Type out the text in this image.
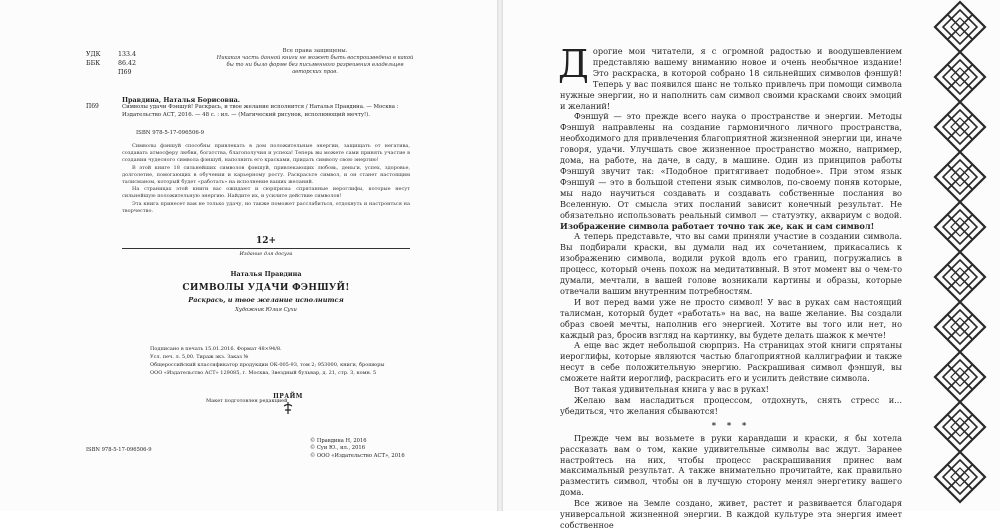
УДК	133.4
ББК	86.42
П69
Все права защищены.
Никакая часть данной книги не может быть воспроизведена в какой бы то ни было форме без письменного разрешения владельцев авторских прав.
П69
Правдина, Наталья Борисовна.
Символы удачи Фэншуй! Раскрась, и твое желание исполнится / Наталья Правдина. — Москва : Издательство АСТ, 2016. — 48 с. : ил. — (Магический рисунок, исполняющий мечту!).
ISBN 978-5-17-096506-9

Символы фэншуй способны привлекать в дом положительные энергии, защищать от негатива, создавать атмосферу любви, богатства, благополучия и успеха! Теперь вы можете сами принять участие в создании чудесного символа фэншуй, наполнить его красками, придать символу свою энергию!

В этой книге 18 сильнейших символов фэншуй, привлекающих любовь, деньги, успех, здоровье, долголетие, помогающих в обучении и карьерному росту. Раскрасьте символ, и он станет настоящим талисманом, который будет «работать» на исполнение ваших желаний.

На страницах этой книги вас ожидают и сюрпризы: спрятанные иероглифы, которые несут сильнейшую положительную энергию. Найдите их, и усилите действие символов!

Эта книга принесет вам не только удачу, но также поможет расслабиться, отдохнуть и настроиться на творчество.

12+
Издание для досуга
Наталья Правдина
СИМВОЛЫ УДАЧИ ФЭНШУЙ!
Раскрась, и твое желание исполнится
Художник Юлия Сухи
Подписано в печать 15.01.2016. Формат 48×94/8.
Усл. печ. л. 5,00. Тираж экз. Заказ №
Общероссийский классификатор продукции ОК-005-93, том 2; 953000, книги, брошюры
ООО «Издательство АСТ» 129085, г. Москва, Звездный бульвар, д. 21, стр. 3, комн. 5
Макет подготовлен редакцией
ПРАЙМ
ISBN 978-5-17-096506-9
© Правдина Н, 2016
© Суи Ю., ил., 2016
© ООО «Издательство АСТ», 2016

Дорогие мои читатели, я с огромной радостью и воодушевлением представляю вашему вниманию новое и очень необычное издание! Это раскраска, в которой собрано 18 сильнейших символов фэншуй! Теперь у вас появился шанс не только привлечь при помощи символа нужные энергии, но и наполнить сам символ своими красками своих эмоций и желаний!

Фэншуй — это прежде всего наука о пространстве и энергии. Методы Фэншуй направлены на создание гармоничного личного пространства, необходимого для привлечения благоприятной жизненной энергии ци, иначе говоря, удачи. Улучшать свое жизненное пространство можно, например, дома, на работе, на даче, в саду, в машине. Один из принципов работы Фэншуй звучит так: «Подобное притягивает подобное». При этом язык Фэншуй — это в большой степени язык символов, по-своему поняв которые, мы надо научиться создавать и создавать собственные послания во Вселенную. От смысла этих посланий зависит конечный результат. Не обязательно использовать реальный символ — статуэтку, аквариум с водой. Изображение символа работает точно так же, как и сам символ!

А теперь представьте, что вы сами приняли участие в создании символа. Вы подбирали краски, вы думали над их сочетанием, прикасались к изображению символа, водили рукой вдоль его границ, погружались в процесс, который очень похож на медитативный. В этот момент вы о чем-то думали, мечтали, в вашей голове возникали картины и образы, которые отвечали вашим внутренним потребностям.

И вот перед вами уже не просто символ! У вас в руках сам настоящий талисман, который будет «работать» на вас, на ваше желание. Вы создали образ своей мечты, наполнив его энергией. Хотите вы того или нет, но каждый раз, бросив взгляд на картинку, вы будете делать шажок к мечте!

А еще вас ждет небольшой сюрприз. На страницах этой книги спрятаны иероглифы, которые являются частью благоприятной каллиграфии и также несут в себе положительную энергию. Раскрашивая символ фэншуй, вы сможете найти иероглиф, раскрасить его и усилить действие символа.

Вот такая удивительная книга у вас в руках!

Желаю вам насладиться процессом, отдохнуть, снять стресс и... убедиться, что желания сбываются!

* * *

Прежде чем вы возьмете в руки карандаши и краски, я бы хотела рассказать вам о том, какие удивительные символы вас ждут. Заранее настройтесь на них, чтобы процесс раскрашивания принес вам максимальный результат. А также внимательно прочитайте, как правильно разместить символ, чтобы он в лучшую сторону менял энергетику вашего дома.

Все живое на Земле создано, живет, растет и развивается благодаря универсальной жизненной энергии. В каждой культуре эта энергия имеет собственное
